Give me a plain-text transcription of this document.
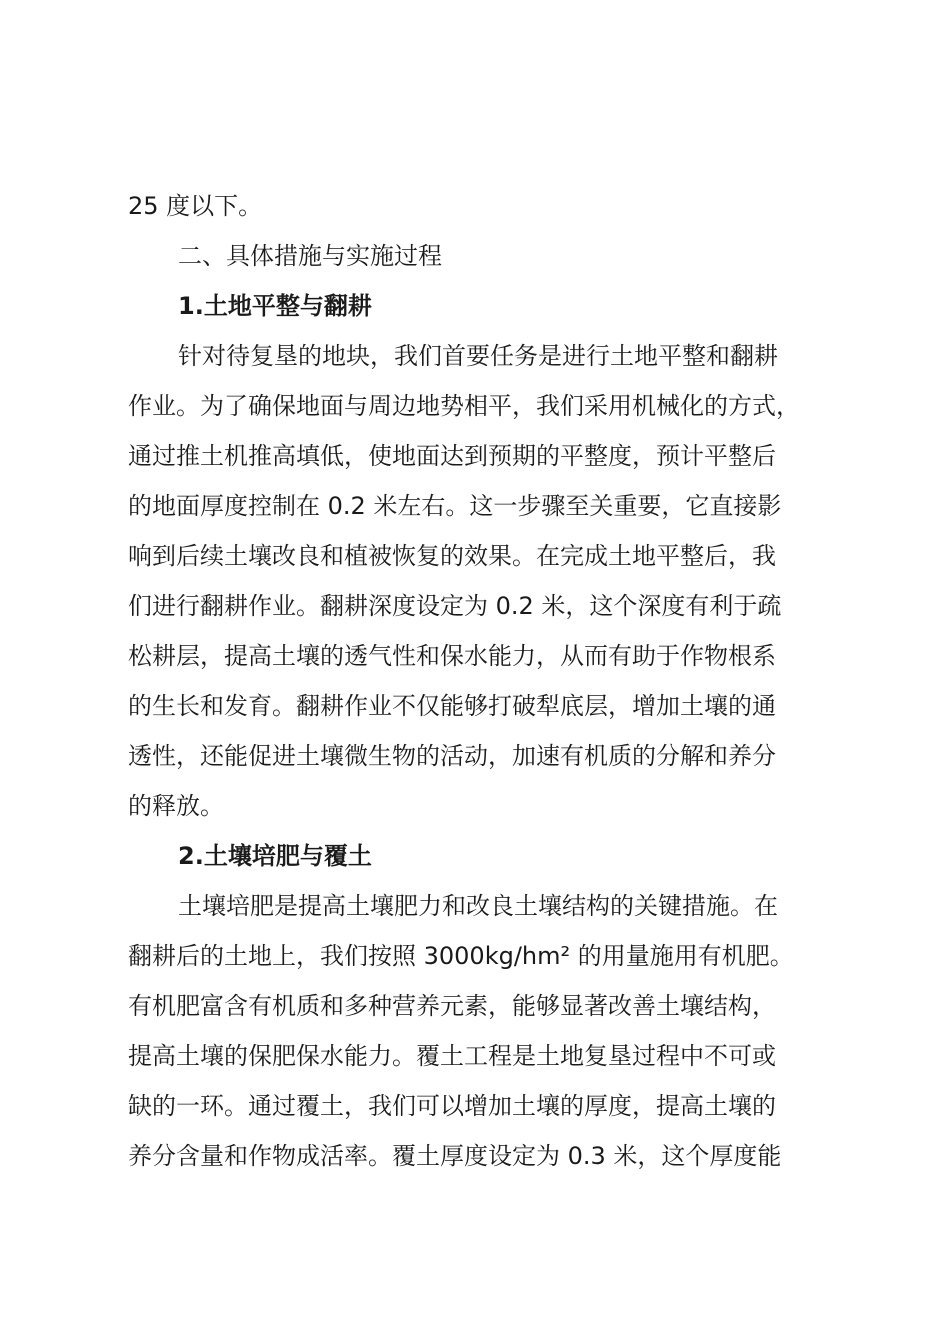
25 度以下。
二、具体措施与实施过程
1.土地平整与翻耕
针对待复垦的地块，我们首要任务是进行土地平整和翻耕
作业。为了确保地面与周边地势相平，我们采用机械化的方式，
通过推土机推高填低，使地面达到预期的平整度，预计平整后
的地面厚度控制在 0.2 米左右。这一步骤至关重要，它直接影
响到后续土壤改良和植被恢复的效果。在完成土地平整后，我
们进行翻耕作业。翻耕深度设定为 0.2 米，这个深度有利于疏
松耕层，提高土壤的透气性和保水能力，从而有助于作物根系
的生长和发育。翻耕作业不仅能够打破犁底层，增加土壤的通
透性，还能促进土壤微生物的活动，加速有机质的分解和养分
的释放。
2.土壤培肥与覆土
土壤培肥是提高土壤肥力和改良土壤结构的关键措施。在
翻耕后的土地上，我们按照 3000kg/hm² 的用量施用有机肥。
有机肥富含有机质和多种营养元素，能够显著改善土壤结构，
提高土壤的保肥保水能力。覆土工程是土地复垦过程中不可或
缺的一环。通过覆土，我们可以增加土壤的厚度，提高土壤的
养分含量和作物成活率。覆土厚度设定为 0.3 米，这个厚度能
